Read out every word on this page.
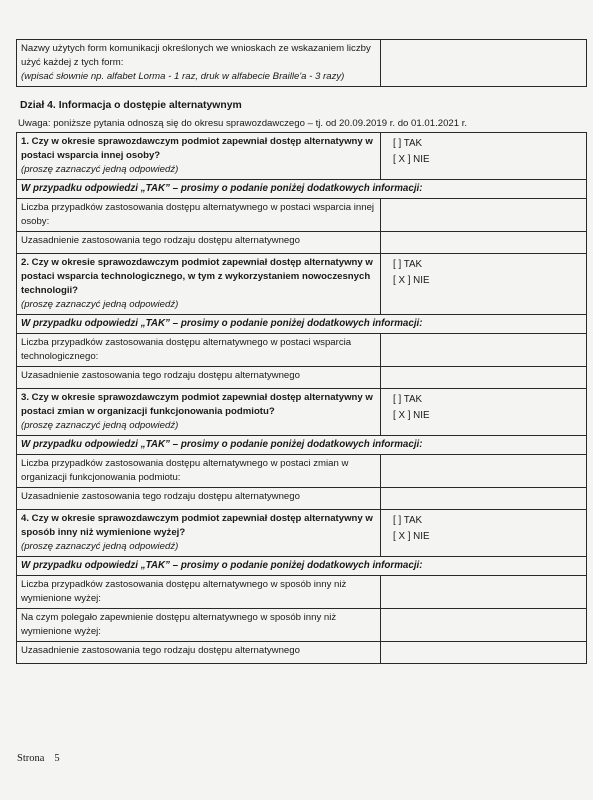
Nazwy użytych form komunikacji określonych we wnioskach ze wskazaniem liczby
użyć każdej z tych form:
(wpisać słownie np. alfabet Lorma - 1 raz, druk w alfabecie Braille'a - 3 razy)

Dział 4. Informacja o dostępie alternatywnym
Uwaga: poniższe pytania odnoszą się do okresu sprawozdawczego – tj. od 20.09.2019 r. do 01.01.2021 r.
1. Czy w okresie sprawozdawczym podmiot zapewniał dostęp alternatywny w postaci wsparcia innej osoby?
(proszę zaznaczyć jedną odpowiedź)	[ ] TAK
[ X ] NIE

W przypadku odpowiedzi „TAK” – prosimy o podanie poniżej dodatkowych informacji:	
Liczba przypadków zastosowania dostępu alternatywnego w postaci wsparcia innej osoby:	
Uzasadnienie zastosowania tego rodzaju dostępu alternatywnego	
2. Czy w okresie sprawozdawczym podmiot zapewniał dostęp alternatywny w postaci wsparcia technologicznego, w tym z wykorzystaniem nowoczesnych technologii?
(proszę zaznaczyć jedną odpowiedź)	[ ] TAK
[ X ] NIE

W przypadku odpowiedzi „TAK” – prosimy o podanie poniżej dodatkowych informacji:	
Liczba przypadków zastosowania dostępu alternatywnego w postaci wsparcia technologicznego:	
Uzasadnienie zastosowania tego rodzaju dostępu alternatywnego	
3. Czy w okresie sprawozdawczym podmiot zapewniał dostęp alternatywny w postaci zmian w organizacji funkcjonowania podmiotu?
(proszę zaznaczyć jedną odpowiedź)	[ ] TAK
[ X ] NIE

W przypadku odpowiedzi „TAK” – prosimy o podanie poniżej dodatkowych informacji:	
Liczba przypadków zastosowania dostępu alternatywnego w postaci zmian w organizacji funkcjonowania podmiotu:	
Uzasadnienie zastosowania tego rodzaju dostępu alternatywnego	
4. Czy w okresie sprawozdawczym podmiot zapewniał dostęp alternatywny w sposób inny niż wymienione wyżej?
(proszę zaznaczyć jedną odpowiedź)	[ ] TAK
[ X ] NIE

W przypadku odpowiedzi „TAK” – prosimy o podanie poniżej dodatkowych informacji:	
Liczba przypadków zastosowania dostępu alternatywnego w sposób inny niż wymienione wyżej:	
Na czym polegało zapewnienie dostępu alternatywnego w sposób inny niż wymienione wyżej:	
Uzasadnienie zastosowania tego rodzaju dostępu alternatywnego	
Strona 5
